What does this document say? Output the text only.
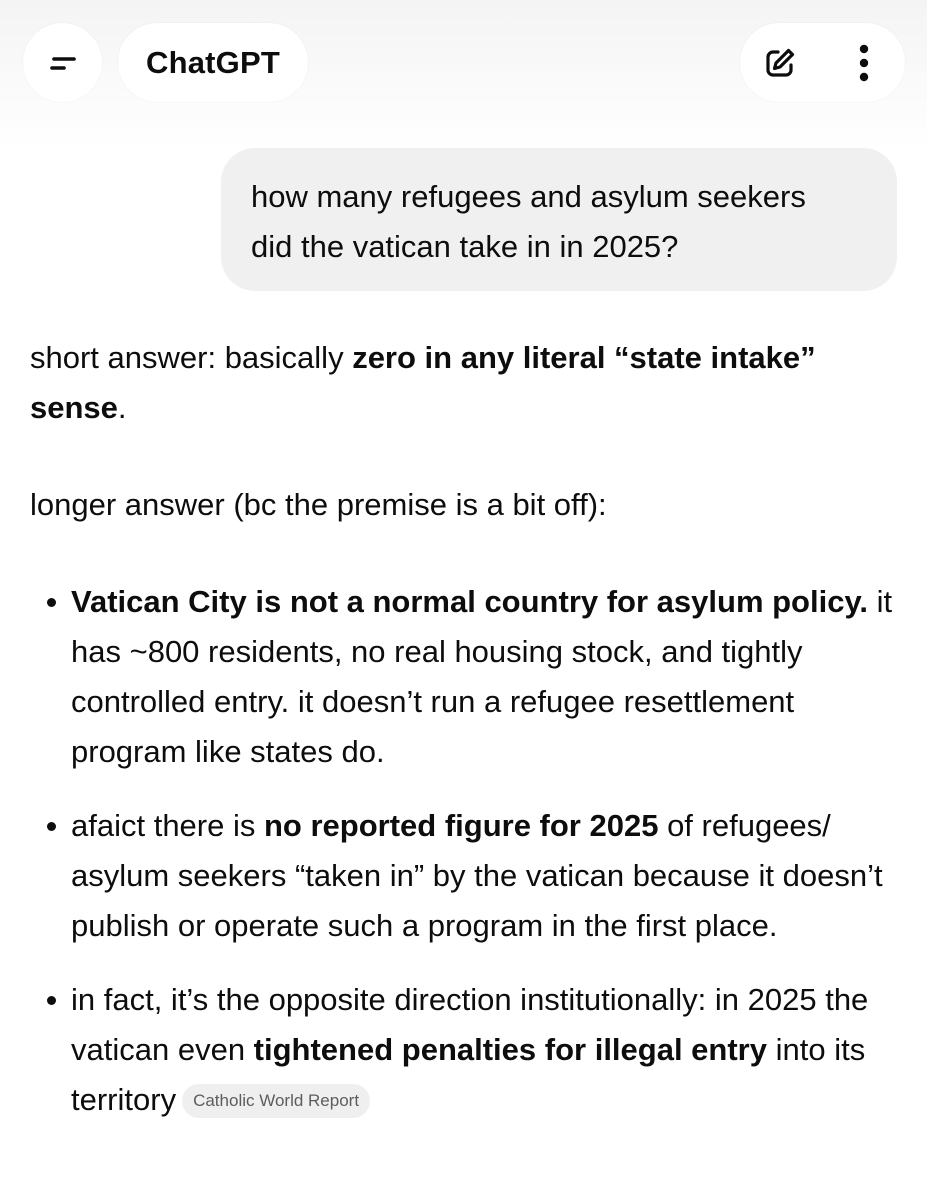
ChatGPT
how many refugees and asylum seekers
did the vatican take in in 2025?

short answer: basically zero in any literal “state intake” sense.

longer answer (bc the premise is a bit off):

Vatican City is not a normal country for asylum policy. it has ~800 residents, no real housing stock, and tightly controlled entry. it doesn’t run a refugee resettlement program like states do.
afaict there is no reported figure for 2025 of refugees/ asylum seekers “taken in” by the vatican because it doesn’t publish or operate such a program in the first place.
in fact, it’s the opposite direction institutionally: in 2025 the vatican even tightened penalties for illegal entry into its territory Catholic World Report
